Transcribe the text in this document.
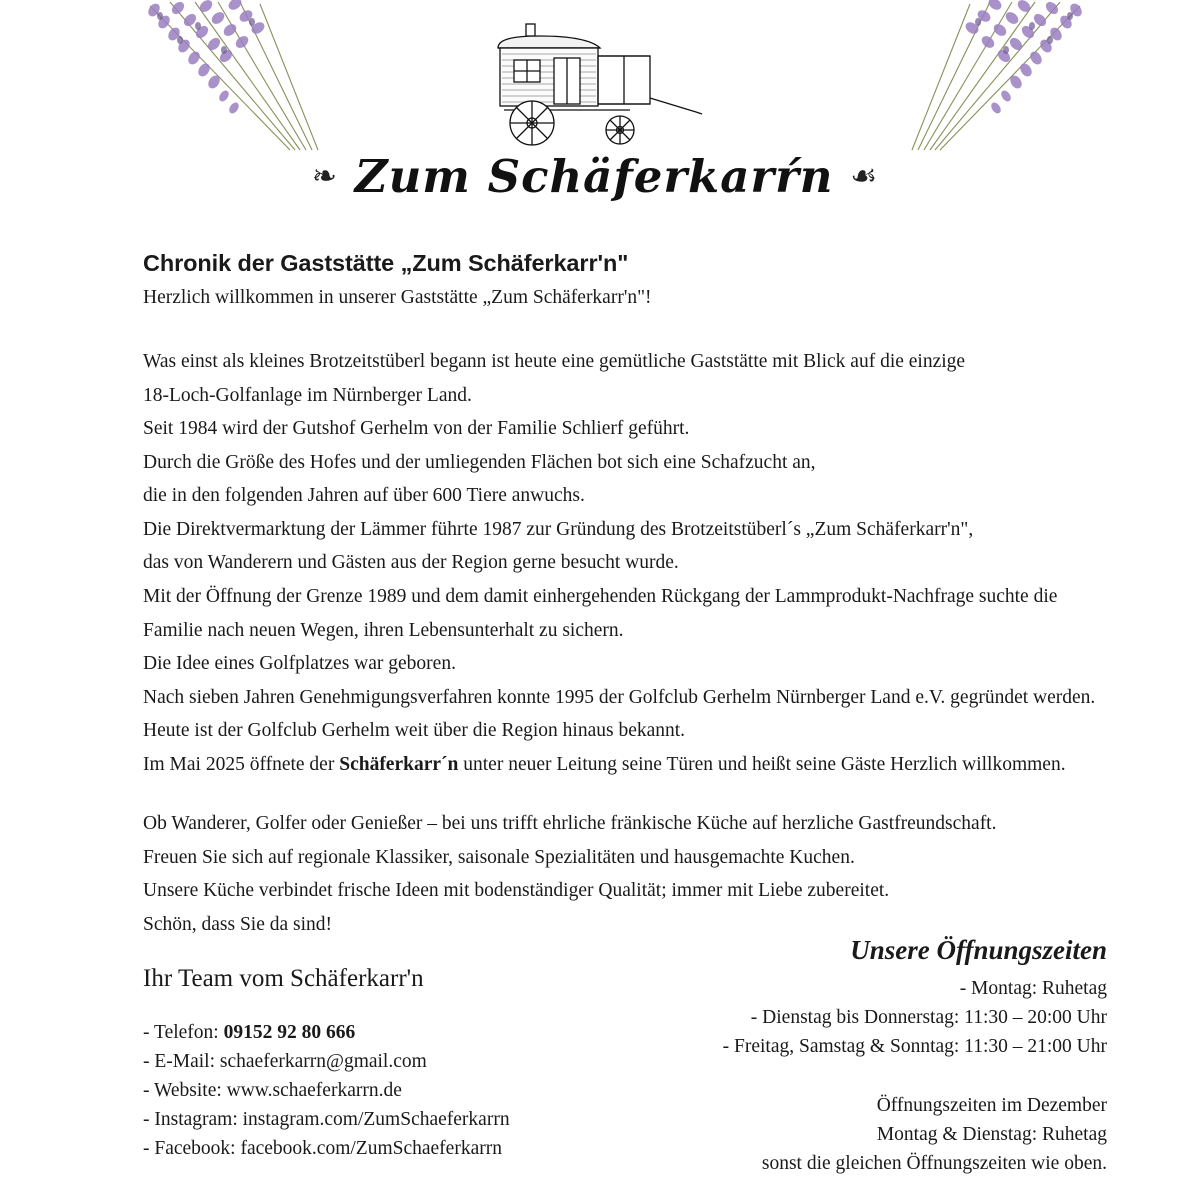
❧ Zum Schäferkarŕn ☙
Chronik der Gaststätte „Zum Schäferkarr'n"

Herzlich willkommen in unserer Gaststätte „Zum Schäferkarr'n"!

Was einst als kleines Brotzeitstüberl begann ist heute eine gemütliche Gaststätte mit Blick auf die einzige

18-Loch-Golfanlage im Nürnberger Land.

Seit 1984 wird der Gutshof Gerhelm von der Familie Schlierf geführt.

Durch die Größe des Hofes und der umliegenden Flächen bot sich eine Schafzucht an,

die in den folgenden Jahren auf über 600 Tiere anwuchs.

Die Direktvermarktung der Lämmer führte 1987 zur Gründung des Brotzeitstüberl´s „Zum Schäferkarr'n",

das von Wanderern und Gästen aus der Region gerne besucht wurde.

Mit der Öffnung der Grenze 1989 und dem damit einhergehenden Rückgang der Lammprodukt-Nachfrage suchte die

Familie nach neuen Wegen, ihren Lebensunterhalt zu sichern.

Die Idee eines Golfplatzes war geboren.

Nach sieben Jahren Genehmigungsverfahren konnte 1995 der Golfclub Gerhelm Nürnberger Land e.V. gegründet werden.

Heute ist der Golfclub Gerhelm weit über die Region hinaus bekannt.

Im Mai 2025 öffnete der Schäferkarr´n unter neuer Leitung seine Türen und heißt seine Gäste Herzlich willkommen.

Ob Wanderer, Golfer oder Genießer – bei uns trifft ehrliche fränkische Küche auf herzliche Gastfreundschaft.

Freuen Sie sich auf regionale Klassiker, saisonale Spezialitäten und hausgemachte Kuchen.

Unsere Küche verbindet frische Ideen mit bodenständiger Qualität; immer mit Liebe zubereitet.

Schön, dass Sie da sind!

Ihr Team vom Schäferkarr'n

- Telefon: 09152 92 80 666
- E-Mail: schaeferkarrn@gmail.com
- Website: www.schaeferkarrn.de
- Instagram: instagram.com/ZumSchaeferkarrn
- Facebook: facebook.com/ZumSchaeferkarrn
Unsere Öffnungszeiten
- Montag: Ruhetag
- Dienstag bis Donnerstag: 11:30 – 20:00 Uhr
- Freitag, Samstag & Sonntag: 11:30 – 21:00 Uhr
Öffnungszeiten im Dezember
Montag & Dienstag: Ruhetag
sonst die gleichen Öffnungszeiten wie oben.
